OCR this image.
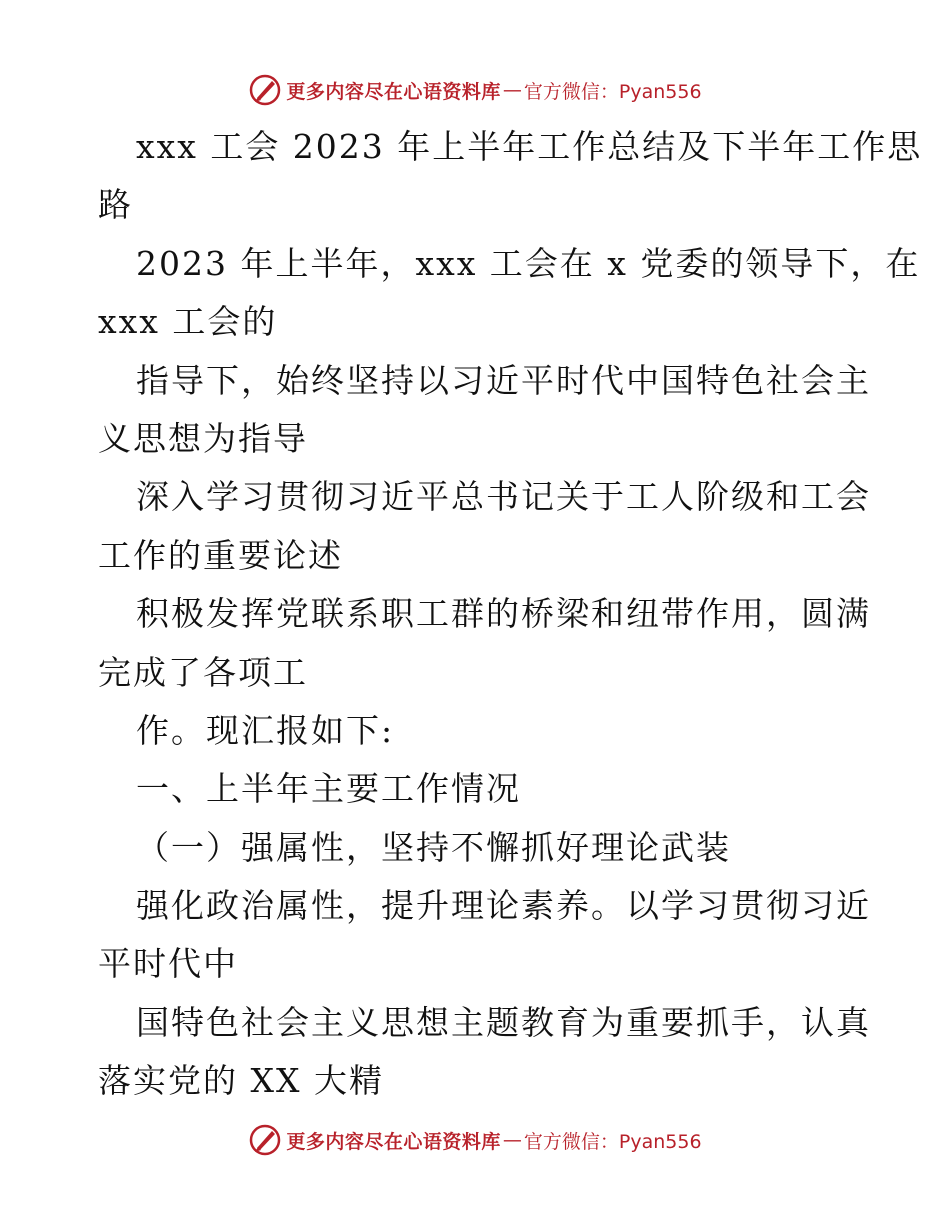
更多内容尽在心语资料库 — 官方微信：Pyan556
xxx 工会 2023 年上半年工作总结及下半年工作思
路
2023 年上半年，xxx 工会在 x 党委的领导下，在
xxx 工会的
指导下，始终坚持以习近平时代中国特色社会主
义思想为指导
深入学习贯彻习近平总书记关于工人阶级和工会
工作的重要论述
积极发挥党联系职工群的桥梁和纽带作用，圆满
完成了各项工
作。现汇报如下:
一、上半年主要工作情况
（一）强属性，坚持不懈抓好理论武装
强化政治属性，提升理论素养。以学习贯彻习近
平时代中
国特色社会主义思想主题教育为重要抓手，认真
落实党的 XX 大精
更多内容尽在心语资料库 — 官方微信：Pyan556
